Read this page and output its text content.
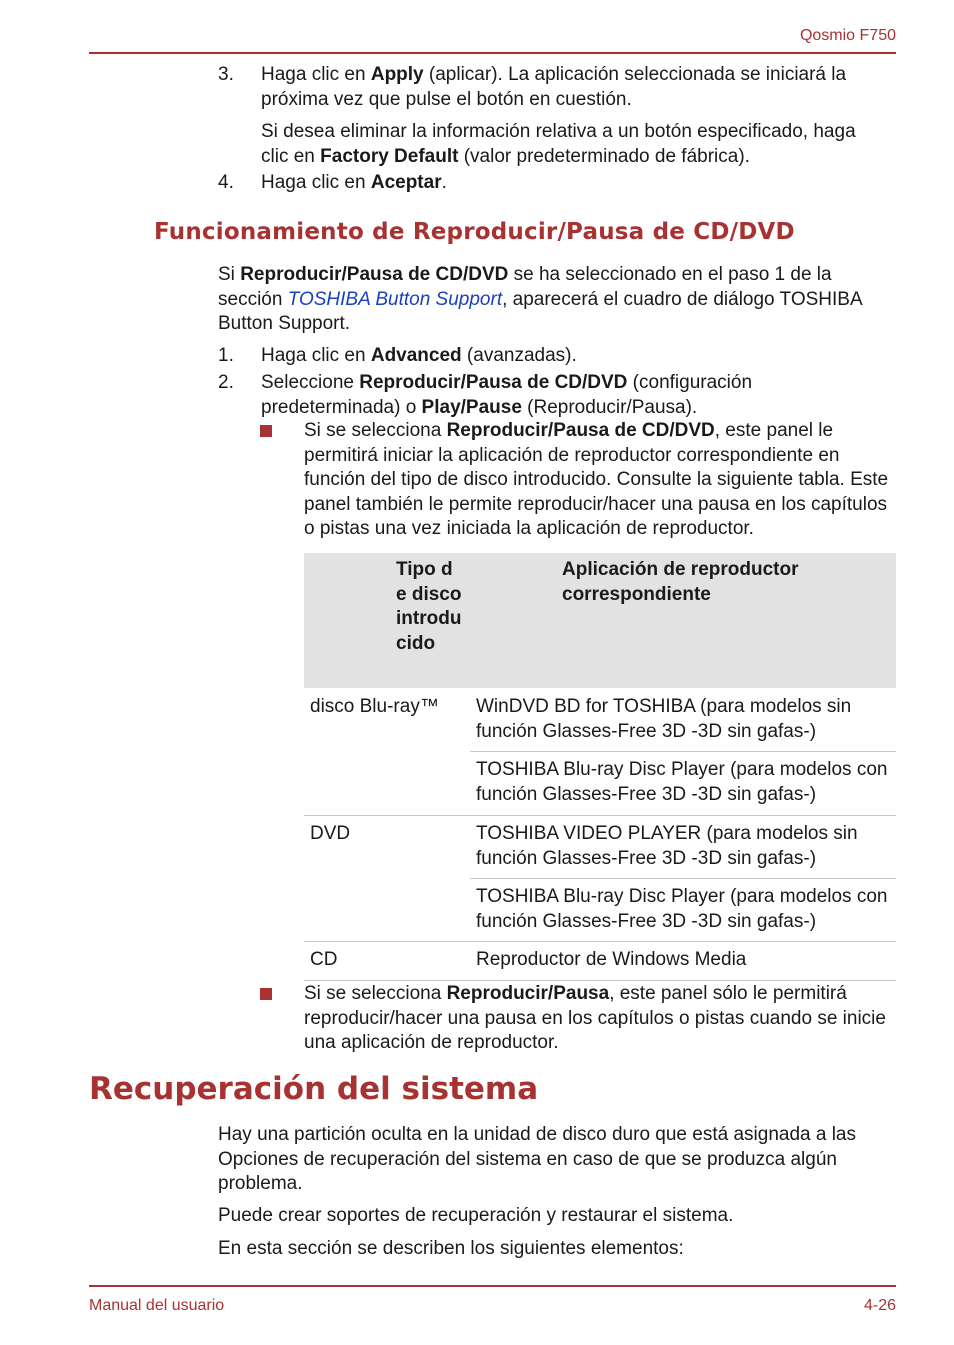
Qosmio F750
3.	Haga clic en Apply (aplicar). La aplicación seleccionada se iniciará la próxima vez que pulse el botón en cuestión.
Si desea eliminar la información relativa a un botón especificado, haga clic en Factory Default (valor predeterminado de fábrica).
4.	Haga clic en Aceptar.
Funcionamiento de Reproducir/Pausa de CD/DVD
Si Reproducir/Pausa de CD/DVD se ha seleccionado en el paso 1 de la sección TOSHIBA Button Support, aparecerá el cuadro de diálogo TOSHIBA Button Support.
1.	Haga clic en Advanced (avanzadas).
2.	Seleccione Reproducir/Pausa de CD/DVD (configuración predeterminada) o Play/Pause (Reproducir/Pausa).
Si se selecciona Reproducir/Pausa de CD/DVD, este panel le permitirá iniciar la aplicación de reproductor correspondiente en función del tipo de disco introducido. Consulte la siguiente tabla. Este panel también le permite reproducir/hacer una pausa en los capítulos o pistas una vez iniciada la aplicación de reproductor.
Tipo de disco introducido
Aplicación de reproductor correspondiente
disco Blu-ray™	WinDVD BD for TOSHIBA (para modelos sin función Glasses-Free 3D -3D sin gafas-)
TOSHIBA Blu-ray Disc Player (para modelos con función Glasses-Free 3D -3D sin gafas-)
DVD	TOSHIBA VIDEO PLAYER (para modelos sin función Glasses-Free 3D -3D sin gafas-)
TOSHIBA Blu-ray Disc Player (para modelos con función Glasses-Free 3D -3D sin gafas-)
CD	Reproductor de Windows Media
Si se selecciona Reproducir/Pausa, este panel sólo le permitirá reproducir/hacer una pausa en los capítulos o pistas cuando se inicie una aplicación de reproductor.
Recuperación del sistema
Hay una partición oculta en la unidad de disco duro que está asignada a las Opciones de recuperación del sistema en caso de que se produzca algún problema.
Puede crear soportes de recuperación y restaurar el sistema.
En esta sección se describen los siguientes elementos:
Manual del usuario	4-26
